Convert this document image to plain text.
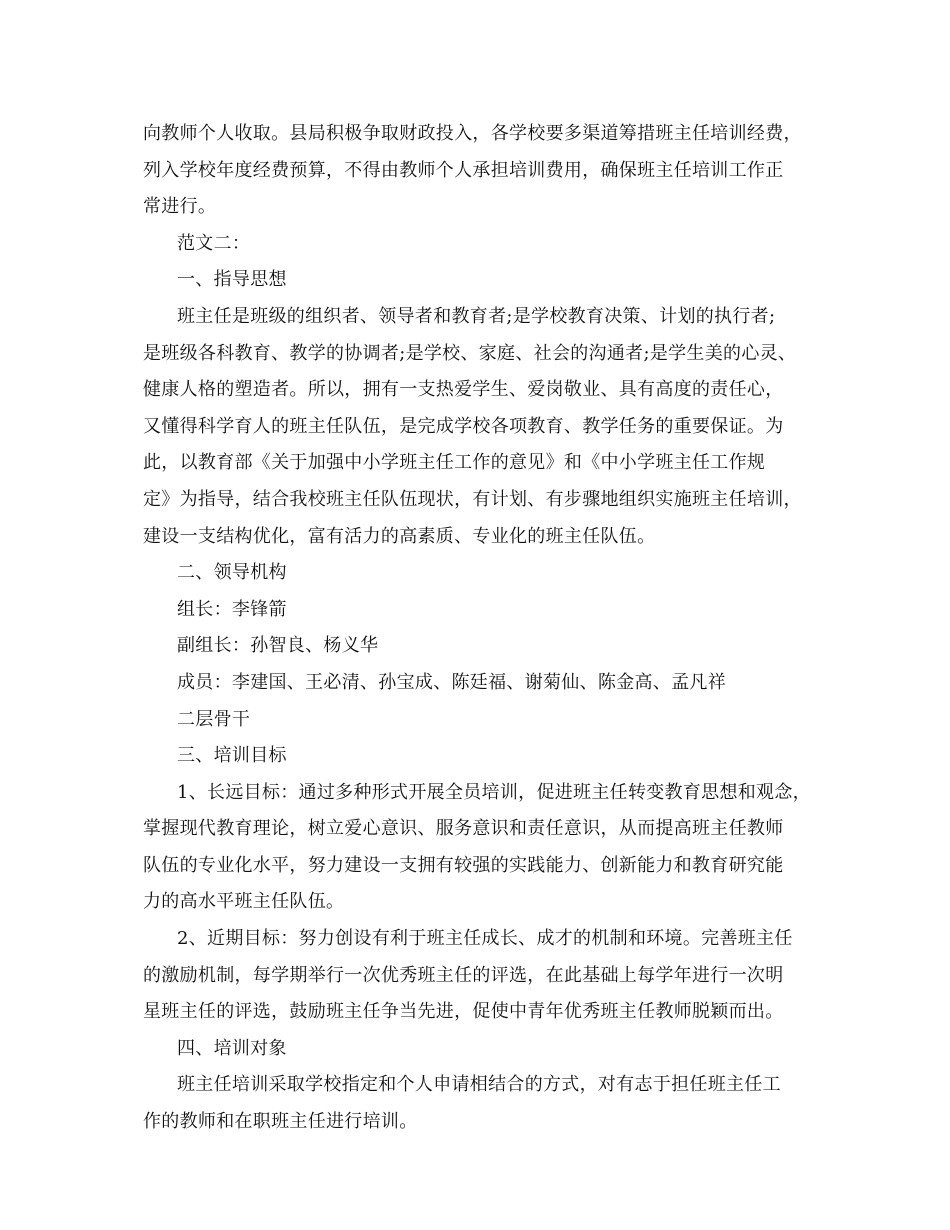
向教师个人收取。县局积极争取财政投入，各学校要多渠道筹措班主任培训经费，
列入学校年度经费预算，不得由教师个人承担培训费用，确保班主任培训工作正
常进行。
范文二：
一、指导思想
班主任是班级的组织者、领导者和教育者;是学校教育决策、计划的执行者;
是班级各科教育、教学的协调者;是学校、家庭、社会的沟通者;是学生美的心灵、
健康人格的塑造者。所以，拥有一支热爱学生、爱岗敬业、具有高度的责任心，
又懂得科学育人的班主任队伍，是完成学校各项教育、教学任务的重要保证。为
此，以教育部《关于加强中小学班主任工作的意见》和《中小学班主任工作规
定》为指导，结合我校班主任队伍现状，有计划、有步骤地组织实施班主任培训，
建设一支结构优化，富有活力的高素质、专业化的班主任队伍。
二、领导机构
组长：李锋箭
副组长：孙智良、杨义华
成员：李建国、王必清、孙宝成、陈廷福、谢菊仙、陈金高、孟凡祥
二层骨干
三、培训目标
1、长远目标：通过多种形式开展全员培训，促进班主任转变教育思想和观念，
掌握现代教育理论，树立爱心意识、服务意识和责任意识，从而提高班主任教师
队伍的专业化水平，努力建设一支拥有较强的实践能力、创新能力和教育研究能
力的高水平班主任队伍。
2、近期目标：努力创设有利于班主任成长、成才的机制和环境。完善班主任
的激励机制，每学期举行一次优秀班主任的评选，在此基础上每学年进行一次明
星班主任的评选，鼓励班主任争当先进，促使中青年优秀班主任教师脱颖而出。
四、培训对象
班主任培训采取学校指定和个人申请相结合的方式，对有志于担任班主任工
作的教师和在职班主任进行培训。
